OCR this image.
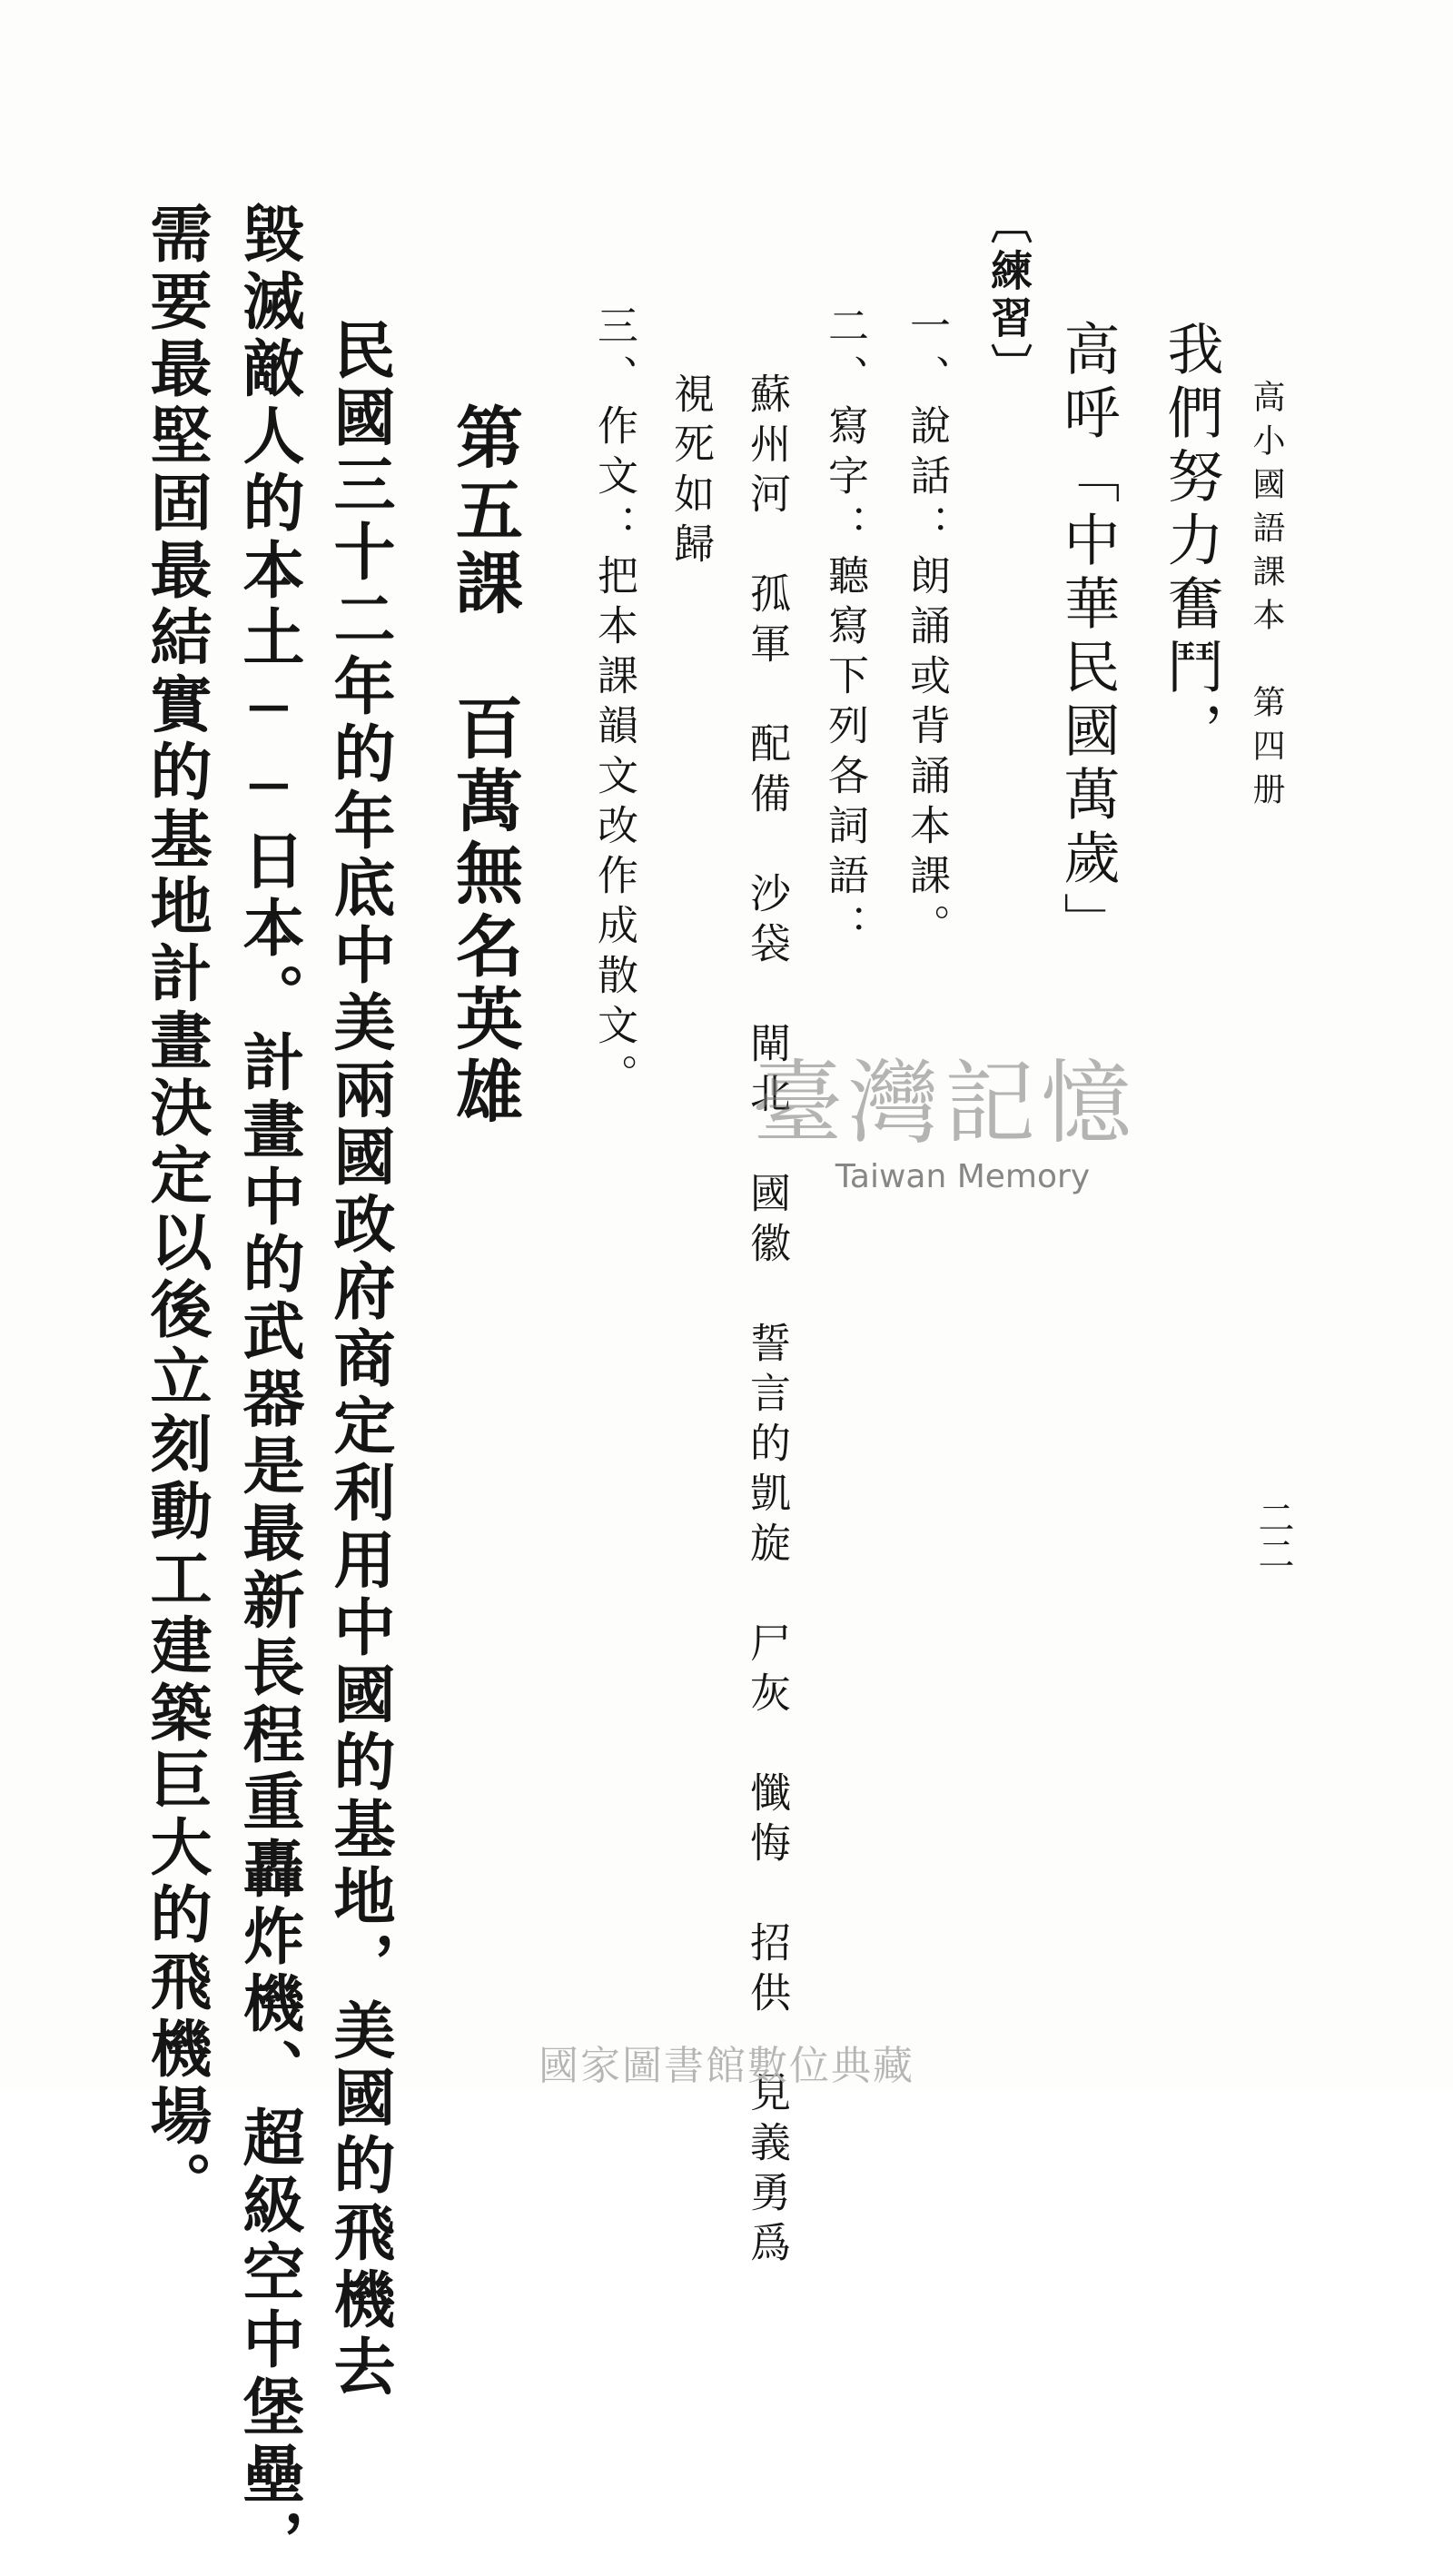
高小國語課本　第四册
二二
我們努力奮鬥，
高呼「中華民國萬歲」
〔練習〕
一、說話：朗誦或背誦本課。
二、寫字：聽寫下列各詞語：
蘇州河　孤軍　配備　沙袋　閘北　國徽　誓言的凱旋　尸灰　懺悔　招供　見義勇爲
視死如歸
三、作文：把本課韻文改作成散文。
第五課　百萬無名英雄
民國三十二年的年底中美兩國政府商定利用中國的基地，美國的飛機去
毀滅敵人的本土──日本。計畫中的武器是最新長程重轟炸機、超級空中堡壘，
需要最堅固最結實的基地計畫決定以後立刻動工建築巨大的飛機場。	臺灣記憶
Taiwan Memory
國家圖書館數位典藏
